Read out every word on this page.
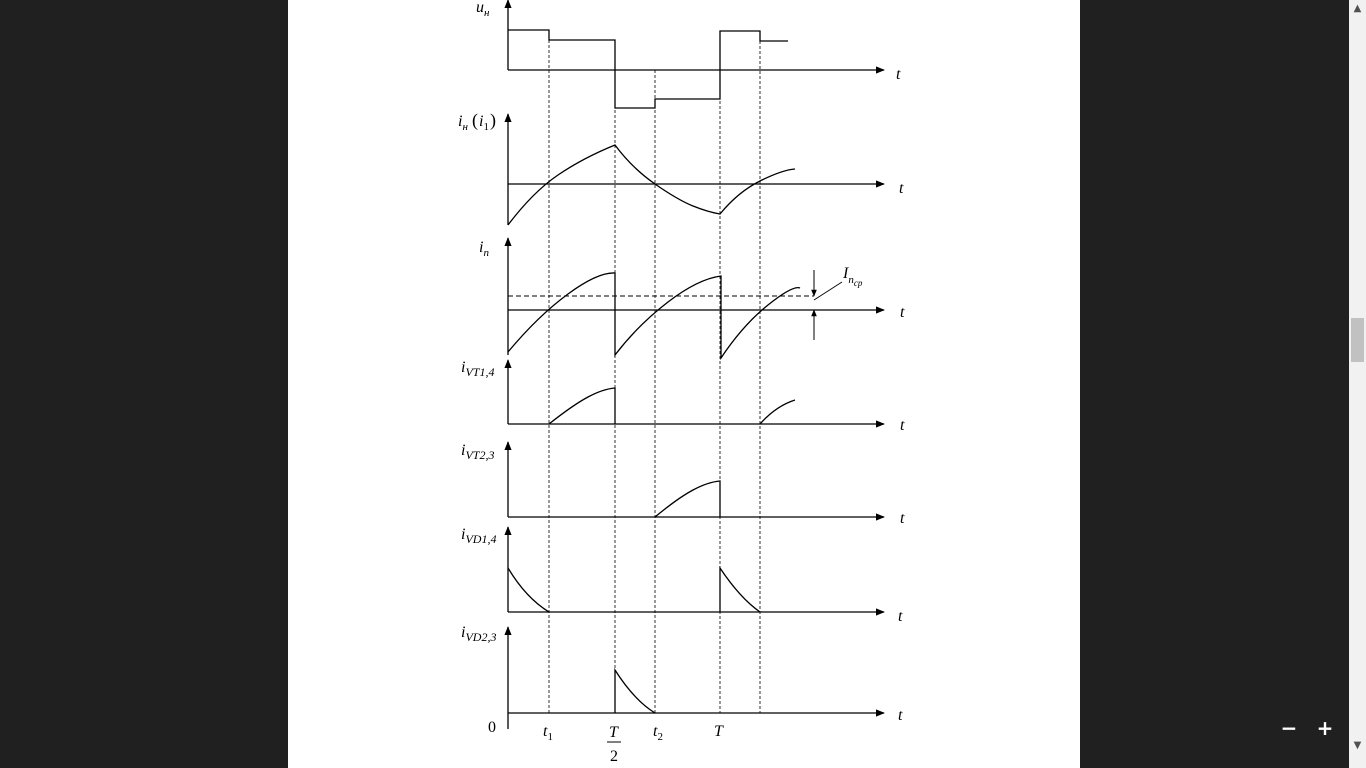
$u_н$
$i_н$ ( $i_1$ )
$i_п$
$i_{VT1,4}$
$i_{VT2,3}$
$i_{VD1,4}$
$i_{VD2,3}$
$I_пср$
t
t
t
t
t
t
t
0	$t_1$	T
2
$t_2$	T
▲
▼
− +
